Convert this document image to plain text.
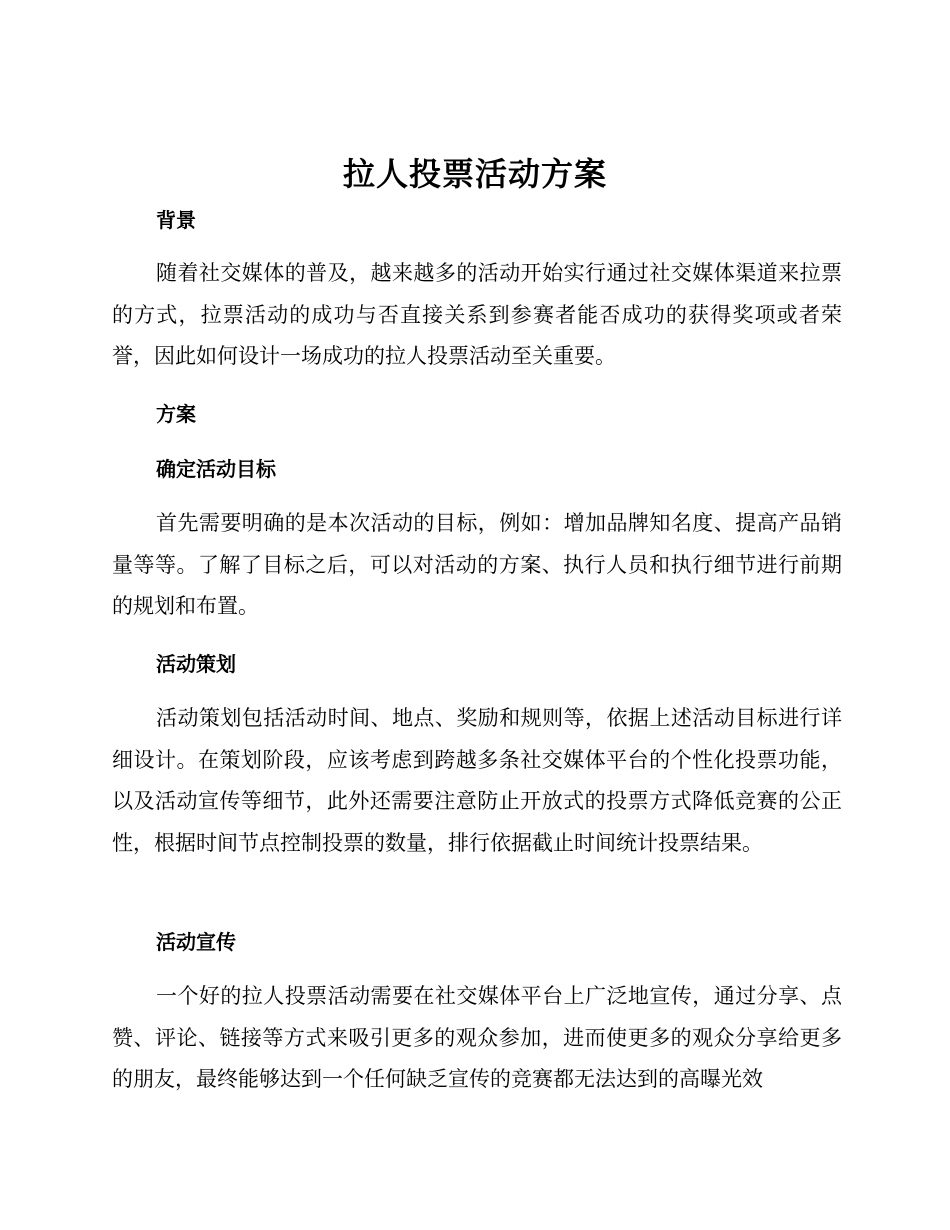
拉人投票活动方案
背景
随着社交媒体的普及，越来越多的活动开始实行通过社交媒体渠道来拉票的方式，拉票活动的成功与否直接关系到参赛者能否成功的获得奖项或者荣誉，因此如何设计一场成功的拉人投票活动至关重要。
方案
确定活动目标
首先需要明确的是本次活动的目标，例如：增加品牌知名度、提高产品销量等等。了解了目标之后，可以对活动的方案、执行人员和执行细节进行前期的规划和布置。
活动策划
活动策划包括活动时间、地点、奖励和规则等，依据上述活动目标进行详细设计。在策划阶段，应该考虑到跨越多条社交媒体平台的个性化投票功能，以及活动宣传等细节，此外还需要注意防止开放式的投票方式降低竞赛的公正性，根据时间节点控制投票的数量，排行依据截止时间统计投票结果。
活动宣传
一个好的拉人投票活动需要在社交媒体平台上广泛地宣传，通过分享、点赞、评论、链接等方式来吸引更多的观众参加，进而使更多的观众分享给更多的朋友，最终能够达到一个任何缺乏宣传的竞赛都无法达到的高曝光效
